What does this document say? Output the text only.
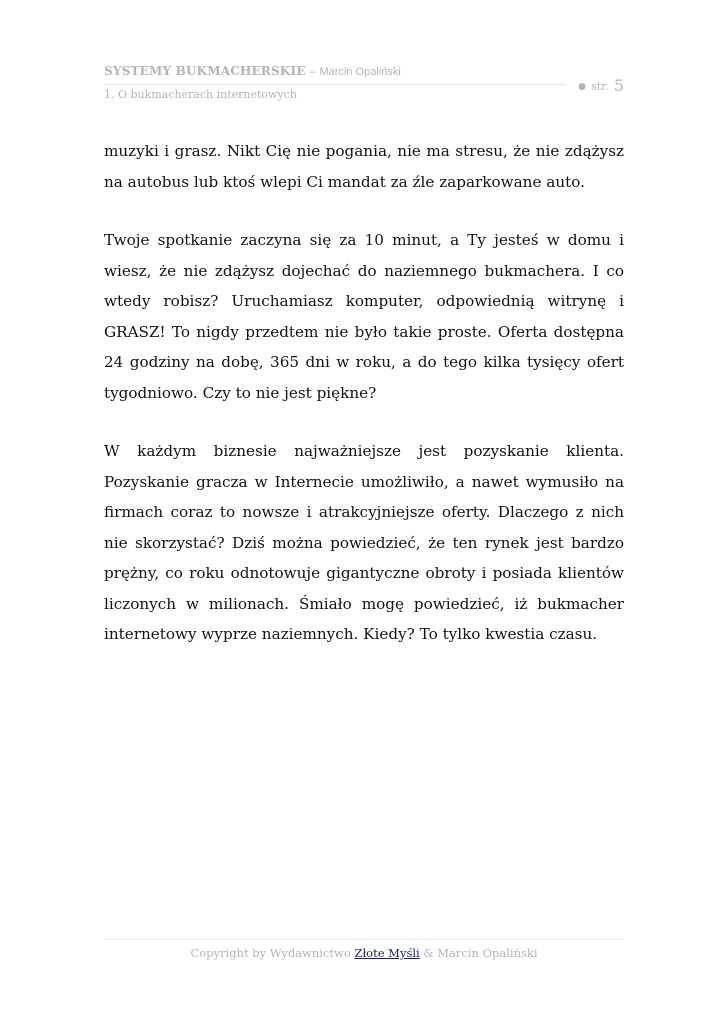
SYSTEMY BUKMACHERSKIE – Marcin Opaliński
1. O bukmacherach internetowych
● str. 5

muzyki i grasz. Nikt Cię nie pogania, nie ma stresu, że nie zdążysz na autobus lub ktoś wlepi Ci mandat za źle zaparkowane auto.

Twoje spotkanie zaczyna się za 10 minut, a Ty jesteś w domu i wiesz, że nie zdążysz dojechać do naziemnego bukmachera. I co wtedy robisz? Uruchamiasz komputer, odpowiednią witrynę i GRASZ! To nigdy przedtem nie było takie proste. Oferta dostępna 24 godziny na dobę, 365 dni w roku, a do tego kilka tysięcy ofert tygodniowo. Czy to nie jest piękne?

W każdym biznesie najważniejsze jest pozyskanie klienta. Pozyskanie gracza w Internecie umożliwiło, a nawet wymusiło na firmach coraz to nowsze i atrakcyjniejsze oferty. Dlaczego z nich nie skorzystać? Dziś można powiedzieć, że ten rynek jest bardzo prężny, co roku odnotowuje gigantyczne obroty i posiada klientów liczonych w milionach. Śmiało mogę powiedzieć, iż bukmacher internetowy wyprze naziemnych. Kiedy? To tylko kwestia czasu.

Copyright by Wydawnictwo Złote Myśli & Marcin Opaliński
